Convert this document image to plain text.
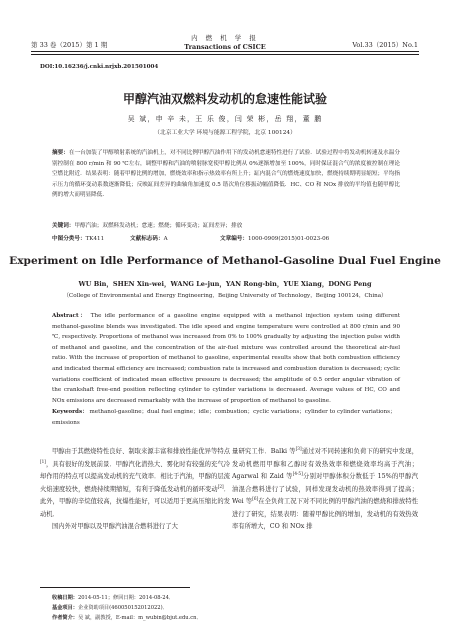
第 33 卷（2015）第 1 期
内 燃 机 学 报
Transactions of CSICE	Vol.33（2015）No.1
DOI:10.16236/j.cnki.nrjxb.201501004
甲醇汽油双燃料发动机的怠速性能试验
吴 斌，申 辛 未，王 乐 俊，闫 荣 彬，岳 翔，董 鹏
（北京工业大学 环境与能源工程学院，北京 100124）
摘要：在一台加装了甲醇喷射系统的汽油机上，对不同比例甲醇汽油作用下的发动机怠速特性进行了试验．试验过程中将发动机转速及水温分别控制在 800 r/min 和 90 ℃左右，调整甲醇和汽油的喷射脉宽使甲醇比例从 0%逐渐增加至 100%，同时保证混合气的浓度被控制在理论空燃比附近．结果表明：随着甲醇比例的增加，燃烧效率和指示热效率有所上升；缸内混合气的燃烧速度加快，燃烧持续期明显缩短；平均指示压力的循环变动系数逐渐降低；反映缸间差异的曲轴角加速度 0.5 谐次角位移振动幅值降低．HC、CO 和 NOx 排放的平均值也随甲醇比例的增大而明显降低．
关键词：甲醇汽油；双燃料发动机；怠速；燃烧；循环变动；缸间差异；排放
中图分类号：TK411	文献标志码：A	文章编号：1000-0909(2015)01-0023-06
Experiment on Idle Performance of Methanol-Gasoline Dual Fuel Engine
WU Bin，SHEN Xin-wei，WANG Le-jun，YAN Rong-bin，YUE Xiang，DONG Peng
（College of Environmental and Energy Engineering，Beijing University of Technology，Beijing 100124，China）
Abstract： The idle performance of a gasoline engine equipped with a methanol injection system using different methanol-gasoline blends was investigated. The idle speed and engine temperature were controlled at 800 r/min and 90 ℃, respectively. Proportions of methanol was increased from 0% to 100% gradually by adjusting the injection pulse width of methanol and gasoline, and the concentration of the air-fuel mixture was controlled around the theoretical air-fuel ratio. With the increase of proportion of methanol to gasoline, experimental results show that both combustion efficiency and indicated thermal efficiency are increased; combustion rate is increased and combustion duration is decreased; cyclic variations coefficient of indicated mean effective pressure is decreased; the amplitude of 0.5 order angular vibration of the crankshaft free-end position reflecting cylinder to cylinder variations is decreased. Average values of HC, CO and NOx emissions are decreased remarkably with the increase of proportion of methanol to gasoline.
Keywords： methanol-gasoline；dual fuel engine；idle；combustion；cyclic variations；cylinder to cylinder variations；emissions

甲醇由于其燃烧特性良好、制取来源丰富和排放性能优异等特点[1]，具有很好的发展前景．甲醇汽化潜热大、雾化时有较强的充气冷却作用的特点可以提高发动机的充气效率．相比于汽油，甲醇的层流火焰速度较快，燃烧持续期缩短，有利于降低发动机的循环变动[2]．此外，甲醇的辛烷值较高，抗爆性能好，可以适用于更高压缩比的发动机．

国内外对甲醇以及甲醇汽油混合燃料进行了大

量研究工作．Balki 等[3]通过对不同转速和负荷下的研究中发现，发动机燃用甲醇和乙醇时有效热效率和燃烧效率均高于汽油；Agarwal 和 Zaid 等[4-5]分别对甲醇体积分数低于 15%的甲醇汽油混合燃料进行了试验，同样发现发动机的热效率得到了提高；Wei 等[6]在全负荷工况下对不同比例的甲醇汽油的燃烧和排放特性进行了研究，结果表明：随着甲醇比例的增加，发动机的有效热效率有所增大，CO 和 NOx 排

收稿日期：2014-05-11；修回日期：2014-08-24．
基金项目：企业资助项目(460050152012022)．
作者简介：吴 斌，副教授，E-mail：m_wubin@bjut.edu.cn．
